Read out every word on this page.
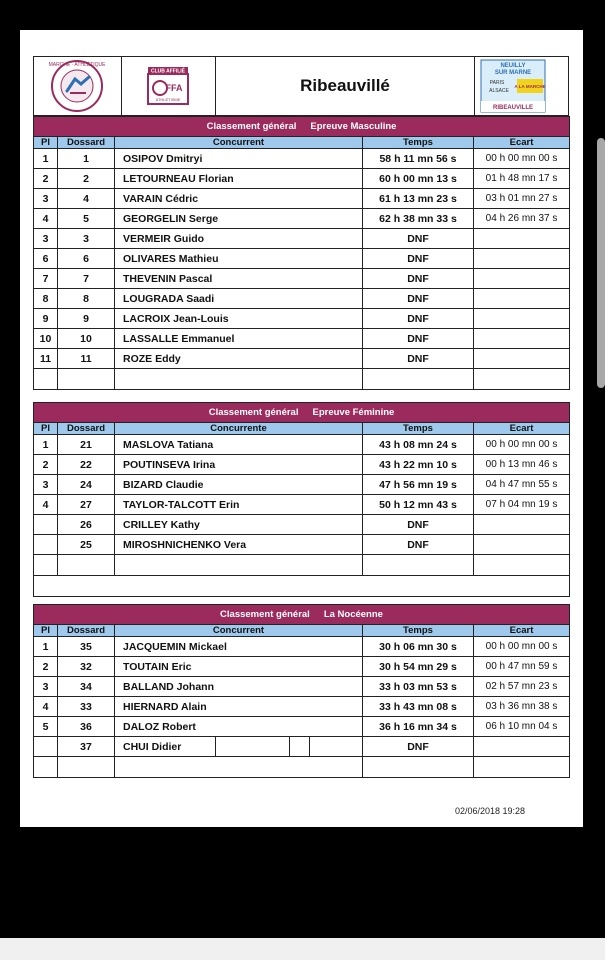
MARCHE · ATHLÉTIQUE
CLUB AFFILIÉ
FFA
ATHLÉTISME
Ribeauvillé
NEUILLY
SUR MARNE
PARIS
ALSACE
A LA MARCHE
RIBEAUVILLE
Classement général Epreuve Masculine				
Pl	Dossard	Concurrent	Temps	Ecart
1	1	OSIPOV Dmitryi	58 h 11 mn 56 s	00 h 00 mn 00 s
2	2	LETOURNEAU Florian	60 h 00 mn 13 s	01 h 48 mn 17 s
3	4	VARAIN Cédric	61 h 13 mn 23 s	03 h 01 mn 27 s
4	5	GEORGELIN Serge	62 h 38 mn 33 s	04 h 26 mn 37 s
3	3	VERMEIR Guido	DNF	
6	6	OLIVARES Mathieu	DNF	
7	7	THEVENIN Pascal	DNF	
8	8	LOUGRADA Saadi	DNF	
9	9	LACROIX Jean-Louis	DNF	
10	10	LASSALLE Emmanuel	DNF	
11	11	ROZE Eddy	DNF	

Classement général Epreuve Féminine				
Pl	Dossard	Concurrente	Temps	Ecart
1	21	MASLOVA Tatiana	43 h 08 mn 24 s	00 h 00 mn 00 s
2	22	POUTINSEVA Irina	43 h 22 mn 10 s	00 h 13 mn 46 s
3	24	BIZARD Claudie	47 h 56 mn 19 s	04 h 47 mn 55 s
4	27	TAYLOR-TALCOTT Erin	50 h 12 mn 43 s	07 h 04 mn 19 s
	26	CRILLEY Kathy	DNF	
	25	MIROSHNICHENKO Vera	DNF	

Classement général La Nocéenne				
Pl	Dossard	Concurrent	Temps	Ecart
1	35	JACQUEMIN Mickael	30 h 06 mn 30 s	00 h 00 mn 00 s
2	32	TOUTAIN Eric	30 h 54 mn 29 s	00 h 47 mn 59 s
3	34	BALLAND Johann	33 h 03 mn 53 s	02 h 57 mn 23 s
4	33	HIERNARD Alain	33 h 43 mn 08 s	03 h 36 mn 38 s
5	36	DALOZ Robert	36 h 16 mn 34 s	06 h 10 mn 04 s
	37	CHUI Didier	DNF	

02/06/2018 19:28
